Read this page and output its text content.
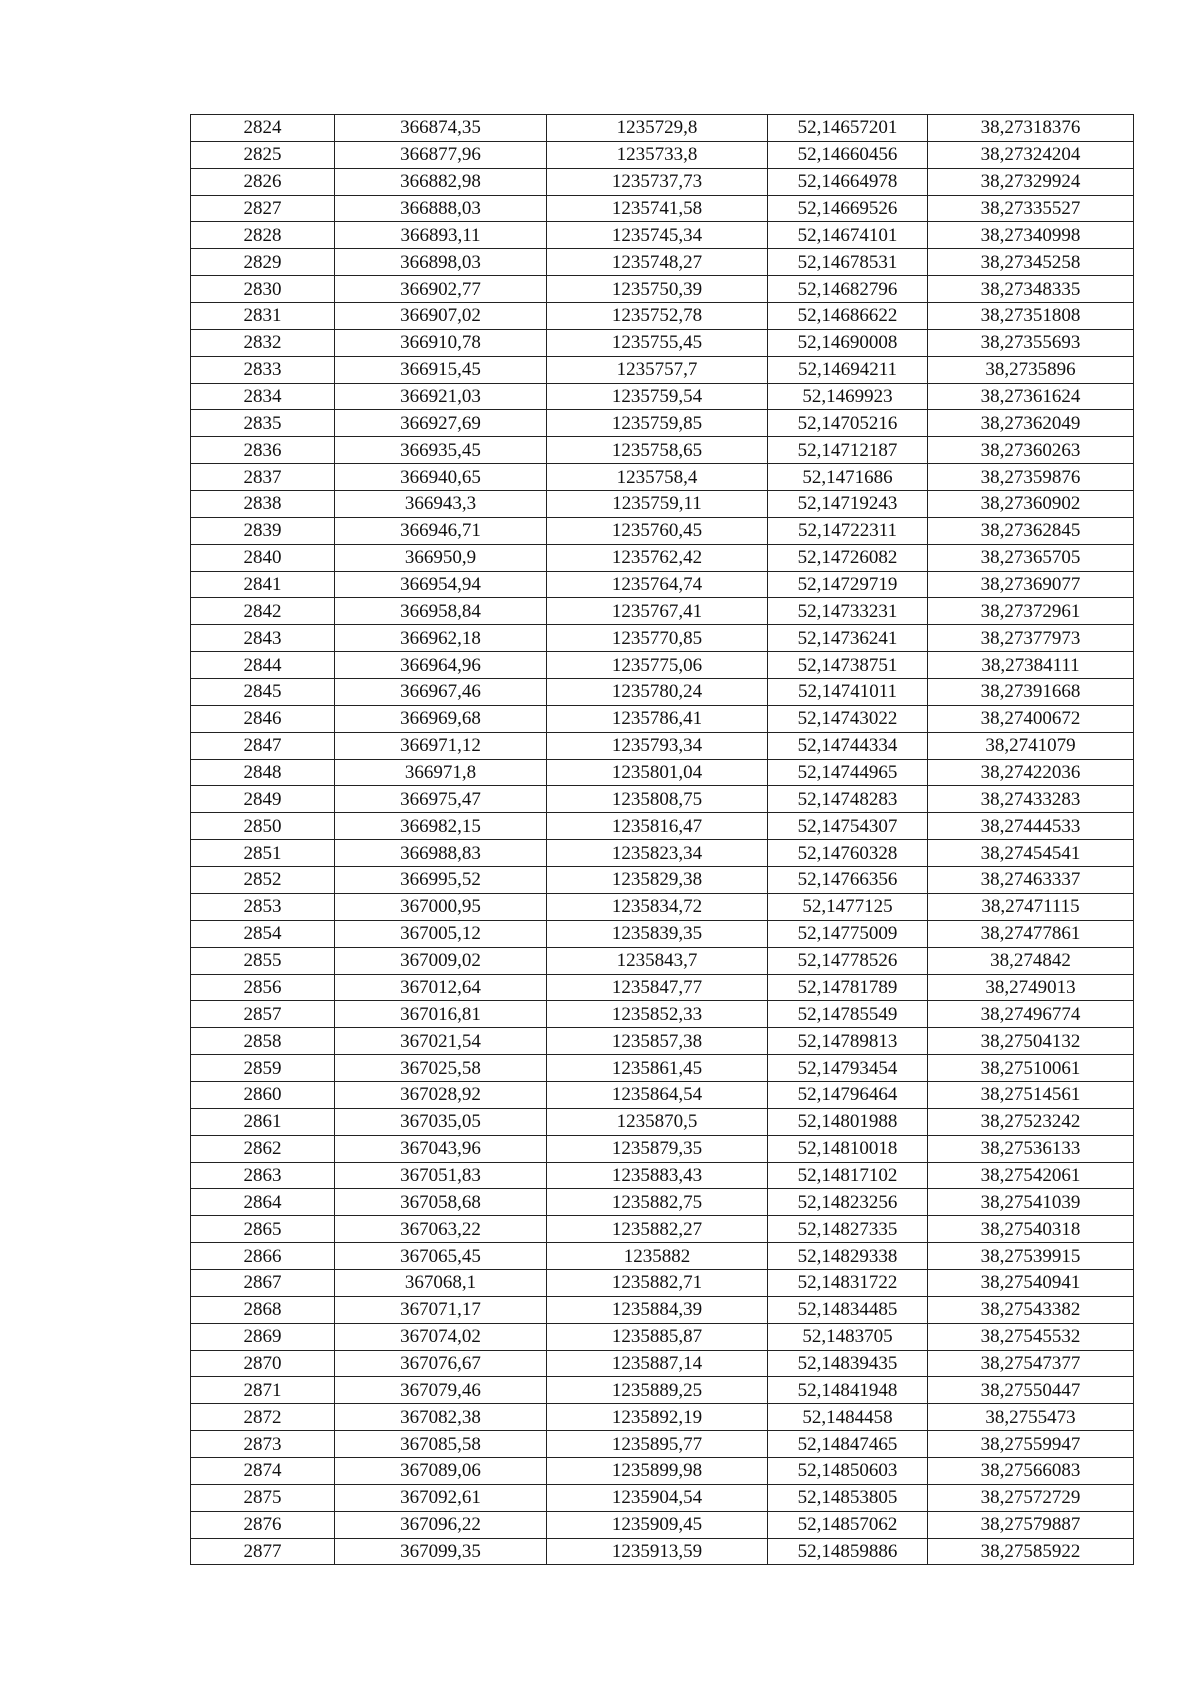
2824	366874,35	1235729,8	52,14657201	38,27318376
2825	366877,96	1235733,8	52,14660456	38,27324204
2826	366882,98	1235737,73	52,14664978	38,27329924
2827	366888,03	1235741,58	52,14669526	38,27335527
2828	366893,11	1235745,34	52,14674101	38,27340998
2829	366898,03	1235748,27	52,14678531	38,27345258
2830	366902,77	1235750,39	52,14682796	38,27348335
2831	366907,02	1235752,78	52,14686622	38,27351808
2832	366910,78	1235755,45	52,14690008	38,27355693
2833	366915,45	1235757,7	52,14694211	38,2735896
2834	366921,03	1235759,54	52,1469923	38,27361624
2835	366927,69	1235759,85	52,14705216	38,27362049
2836	366935,45	1235758,65	52,14712187	38,27360263
2837	366940,65	1235758,4	52,1471686	38,27359876
2838	366943,3	1235759,11	52,14719243	38,27360902
2839	366946,71	1235760,45	52,14722311	38,27362845
2840	366950,9	1235762,42	52,14726082	38,27365705
2841	366954,94	1235764,74	52,14729719	38,27369077
2842	366958,84	1235767,41	52,14733231	38,27372961
2843	366962,18	1235770,85	52,14736241	38,27377973
2844	366964,96	1235775,06	52,14738751	38,27384111
2845	366967,46	1235780,24	52,14741011	38,27391668
2846	366969,68	1235786,41	52,14743022	38,27400672
2847	366971,12	1235793,34	52,14744334	38,2741079
2848	366971,8	1235801,04	52,14744965	38,27422036
2849	366975,47	1235808,75	52,14748283	38,27433283
2850	366982,15	1235816,47	52,14754307	38,27444533
2851	366988,83	1235823,34	52,14760328	38,27454541
2852	366995,52	1235829,38	52,14766356	38,27463337
2853	367000,95	1235834,72	52,1477125	38,27471115
2854	367005,12	1235839,35	52,14775009	38,27477861
2855	367009,02	1235843,7	52,14778526	38,274842
2856	367012,64	1235847,77	52,14781789	38,2749013
2857	367016,81	1235852,33	52,14785549	38,27496774
2858	367021,54	1235857,38	52,14789813	38,27504132
2859	367025,58	1235861,45	52,14793454	38,27510061
2860	367028,92	1235864,54	52,14796464	38,27514561
2861	367035,05	1235870,5	52,14801988	38,27523242
2862	367043,96	1235879,35	52,14810018	38,27536133
2863	367051,83	1235883,43	52,14817102	38,27542061
2864	367058,68	1235882,75	52,14823256	38,27541039
2865	367063,22	1235882,27	52,14827335	38,27540318
2866	367065,45	1235882	52,14829338	38,27539915
2867	367068,1	1235882,71	52,14831722	38,27540941
2868	367071,17	1235884,39	52,14834485	38,27543382
2869	367074,02	1235885,87	52,1483705	38,27545532
2870	367076,67	1235887,14	52,14839435	38,27547377
2871	367079,46	1235889,25	52,14841948	38,27550447
2872	367082,38	1235892,19	52,1484458	38,2755473
2873	367085,58	1235895,77	52,14847465	38,27559947
2874	367089,06	1235899,98	52,14850603	38,27566083
2875	367092,61	1235904,54	52,14853805	38,27572729
2876	367096,22	1235909,45	52,14857062	38,27579887
2877	367099,35	1235913,59	52,14859886	38,27585922
